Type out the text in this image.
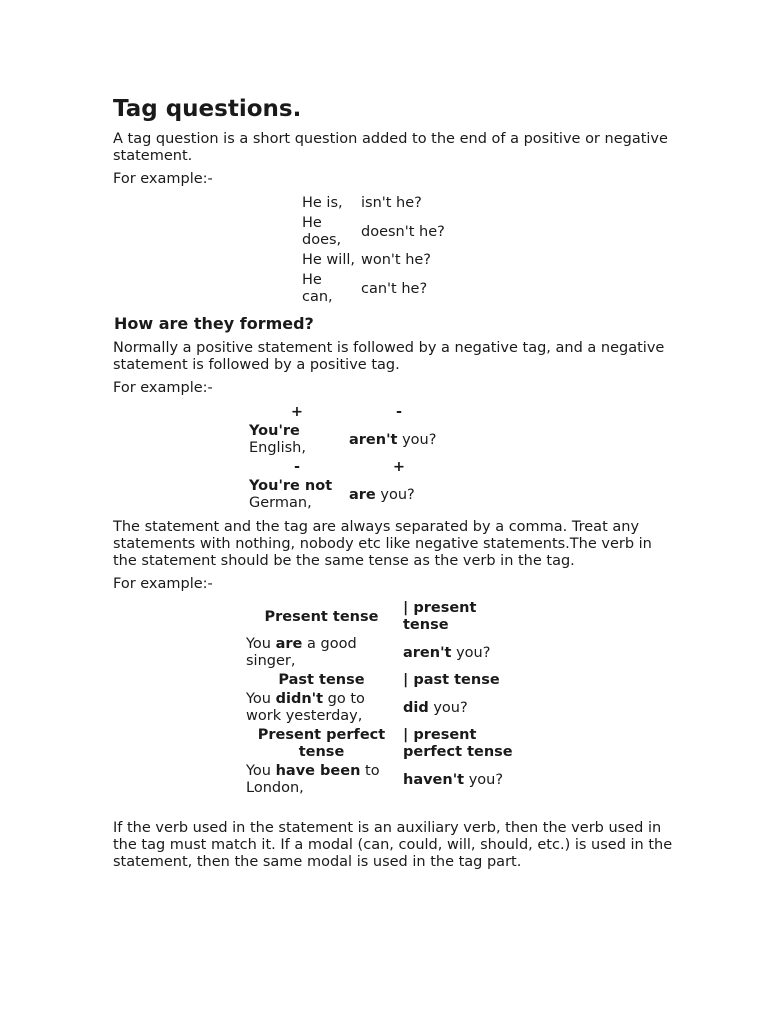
Tag questions.

A tag question is a short question added to the end of a positive or negative statement.

For example:-

He is,	isn't he?
He does,	doesn't he?
He will,	won't he?
He can,	can't he?
How are they formed?

Normally a positive statement is followed by a negative tag, and a negative statement is followed by a positive tag.

For example:-

+	-
You're
English,	aren't you?
-	+
You're not
German,	are you?

The statement and the tag are always separated by a comma. Treat any statements with nothing, nobody etc like negative statements.The verb in the statement should be the same tense as the verb in the tag.

For example:-

Present tense	| present tense
You are a good singer,	aren't you?
Past tense	| past tense
You didn't go to work yesterday,	did you?
Present perfect tense	| present perfect tense
You have been to London,	haven't you?

If the verb used in the statement is an auxiliary verb, then the verb used in the tag must match it. If a modal (can, could, will, should, etc.) is used in the statement, then the same modal is used in the tag part.
